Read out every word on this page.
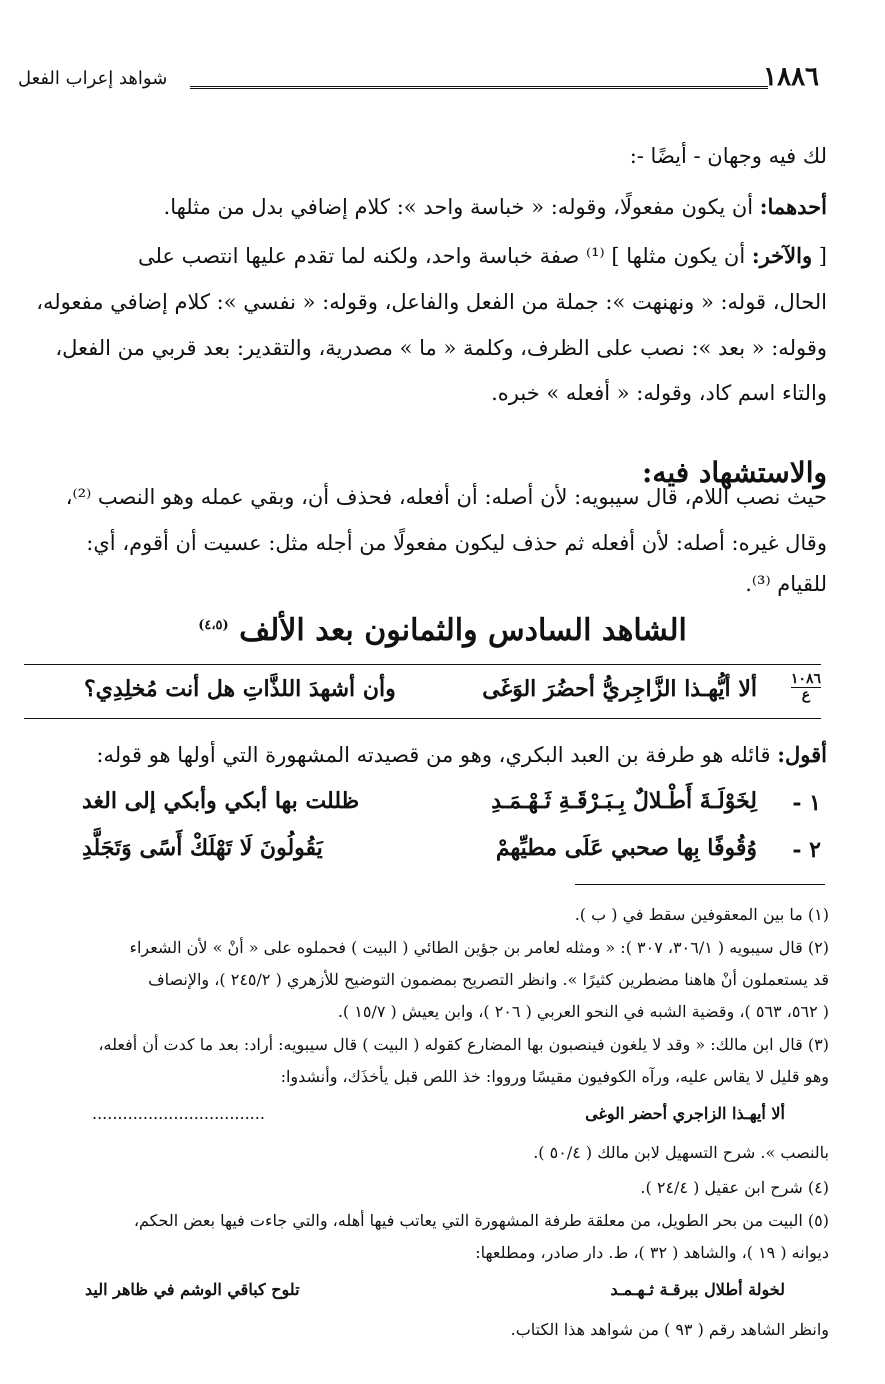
١٨٨٦
شواهد إعراب الفعل
لك فيه وجهان - أيضًا -:
أحدهما: أن يكون مفعولًا، وقوله: « خباسة واحد »: كلام إضافي بدل من مثلها.
[ والآخر: أن يكون مثلها ] ⁽¹⁾ صفة خباسة واحد، ولكنه لما تقدم عليها انتصب على
الحال، قوله: « ونهنهت »: جملة من الفعل والفاعل، وقوله: « نفسي »: كلام إضافي مفعوله،
وقوله: « بعد »: نصب على الظرف، وكلمة « ما » مصدرية، والتقدير: بعد قربي من الفعل،
والتاء اسم كاد، وقوله: « أفعله » خبره.
والاستشهاد فيه:
حيث نصب اللام، قال سيبويه: لأن أصله: أن أفعله، فحذف أن، وبقي عمله وهو النصب ⁽²⁾،
وقال غيره: أصله: لأن أفعله ثم حذف ليكون مفعولًا من أجله مثل: عسيت أن أقوم، أي:
للقيام ⁽³⁾.
الشاهد السادس والثمانون بعد الألف $^{(٤،٥)}$
١٠٨٦
ع
ألا أيُّهـذا الزَّاجِريُّ أحضُرَ الوَغَى
وأن أشهدَ اللذَّاتِ هل أنت مُخلِدِي؟
أقول: قائله هو طرفة بن العبد البكري، وهو من قصيدته المشهورة التي أولها هو قوله:
١ -
لِخَوْلَـةَ أَطْـلالٌ بِـبَـرْقَـةِ ثَـهْـمَـدِ
ظللت بها أبكي وأبكي إلى الغد
٢ -
وُقُوفًا بِها صحبي عَلَى مطيِّهمْ
يَقُولُونَ لَا تَهْلَكْ أَسًى وَتَجَلَّدِ
(١) ما بين المعقوفين سقط في ( ب ).
(٢) قال سيبويه ( ٣٠٦/١، ٣٠٧ ): « ومثله لعامر بن جؤين الطائي ( البيت ) فحملوه على « أنْ » لأن الشعراء
قد يستعملون أنْ هاهنا مضطرين كثيرًا ». وانظر التصريح بمضمون التوضيح للأزهري ( ٢٤٥/٢ )، والإنصاف
( ٥٦٢، ٥٦٣ )، وقضية الشبه في النحو العربي ( ٢٠٦ )، وابن يعيش ( ١٥/٧ ).
(٣) قال ابن مالك: « وقد لا يلغون فينصبون بها المضارع كقوله ( البيت ) قال سيبويه: أراد: بعد ما كدت أن أفعله،
وهو قليل لا يقاس عليه، ورآه الكوفيون مقيسًا ورووا: خذ اللص قبل يأخذَك، وأنشدوا:
ألا أيهـذا الزاجري أحضر الوغى
..................................
بالنصب ». شرح التسهيل لابن مالك ( ٥٠/٤ ).
(٤) شرح ابن عقيل ( ٢٤/٤ ).
(٥) البيت من بحر الطويل، من معلقة طرفة المشهورة التي يعاتب فيها أهله، والتي جاءت فيها بعض الحكم،
ديوانه ( ١٩ )، والشاهد ( ٣٢ )، ط. دار صادر، ومطلعها:
لخولة أطلال ببرقـة ثـهـمـد
تلوح كباقي الوشم في ظاهر اليد
وانظر الشاهد رقم ( ٩٣ ) من شواهد هذا الكتاب.
